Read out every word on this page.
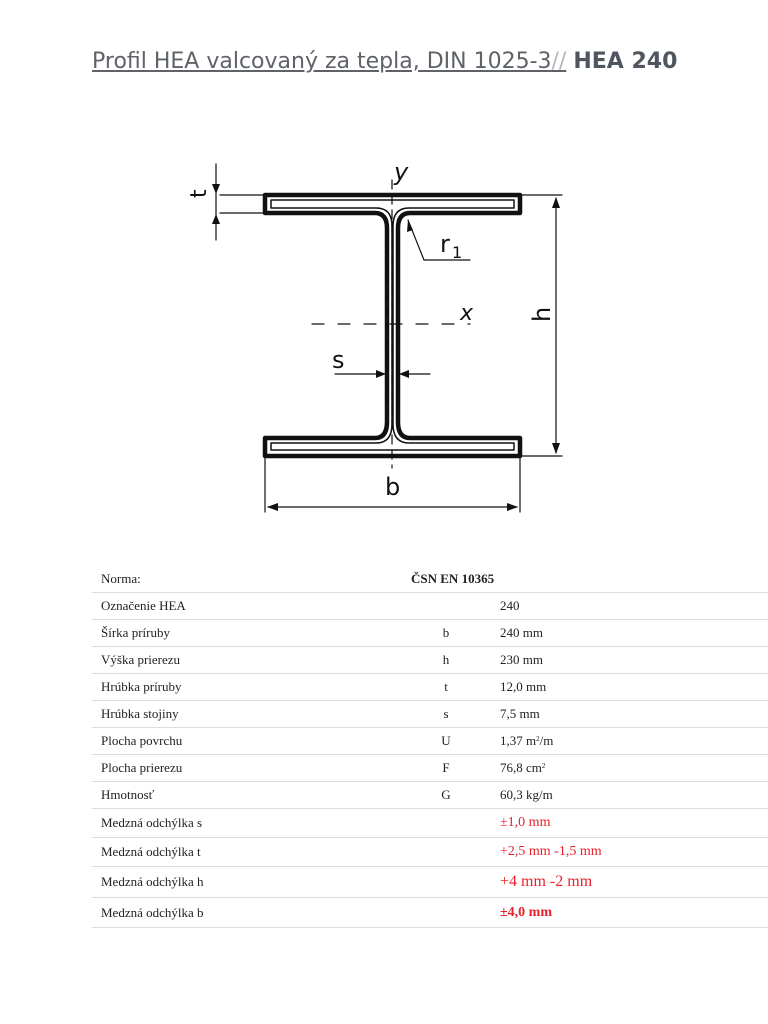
Profil HEA valcovaný za tepla, DIN 1025-3// HEA 240
y
x
t
r 1
h
s
b
Norma:	ČSN EN 10365	
Označenie HEA		240
Šírka príruby	b	240 mm
Výška prierezu	h	230 mm
Hrúbka príruby	t	12,0 mm
Hrúbka stojiny	s	7,5 mm
Plocha povrchu	U	1,37 $m^2/m$
Plocha prierezu	F	76,8 $cm^2$
Hmotnosť	G	60,3 kg/m
Medzná odchýlka s		±1,0 mm
Medzná odchýlka t		+2,5 mm -1,5 mm
Medzná odchýlka h		+4 mm -2 mm
Medzná odchýlka b		±4,0 mm
